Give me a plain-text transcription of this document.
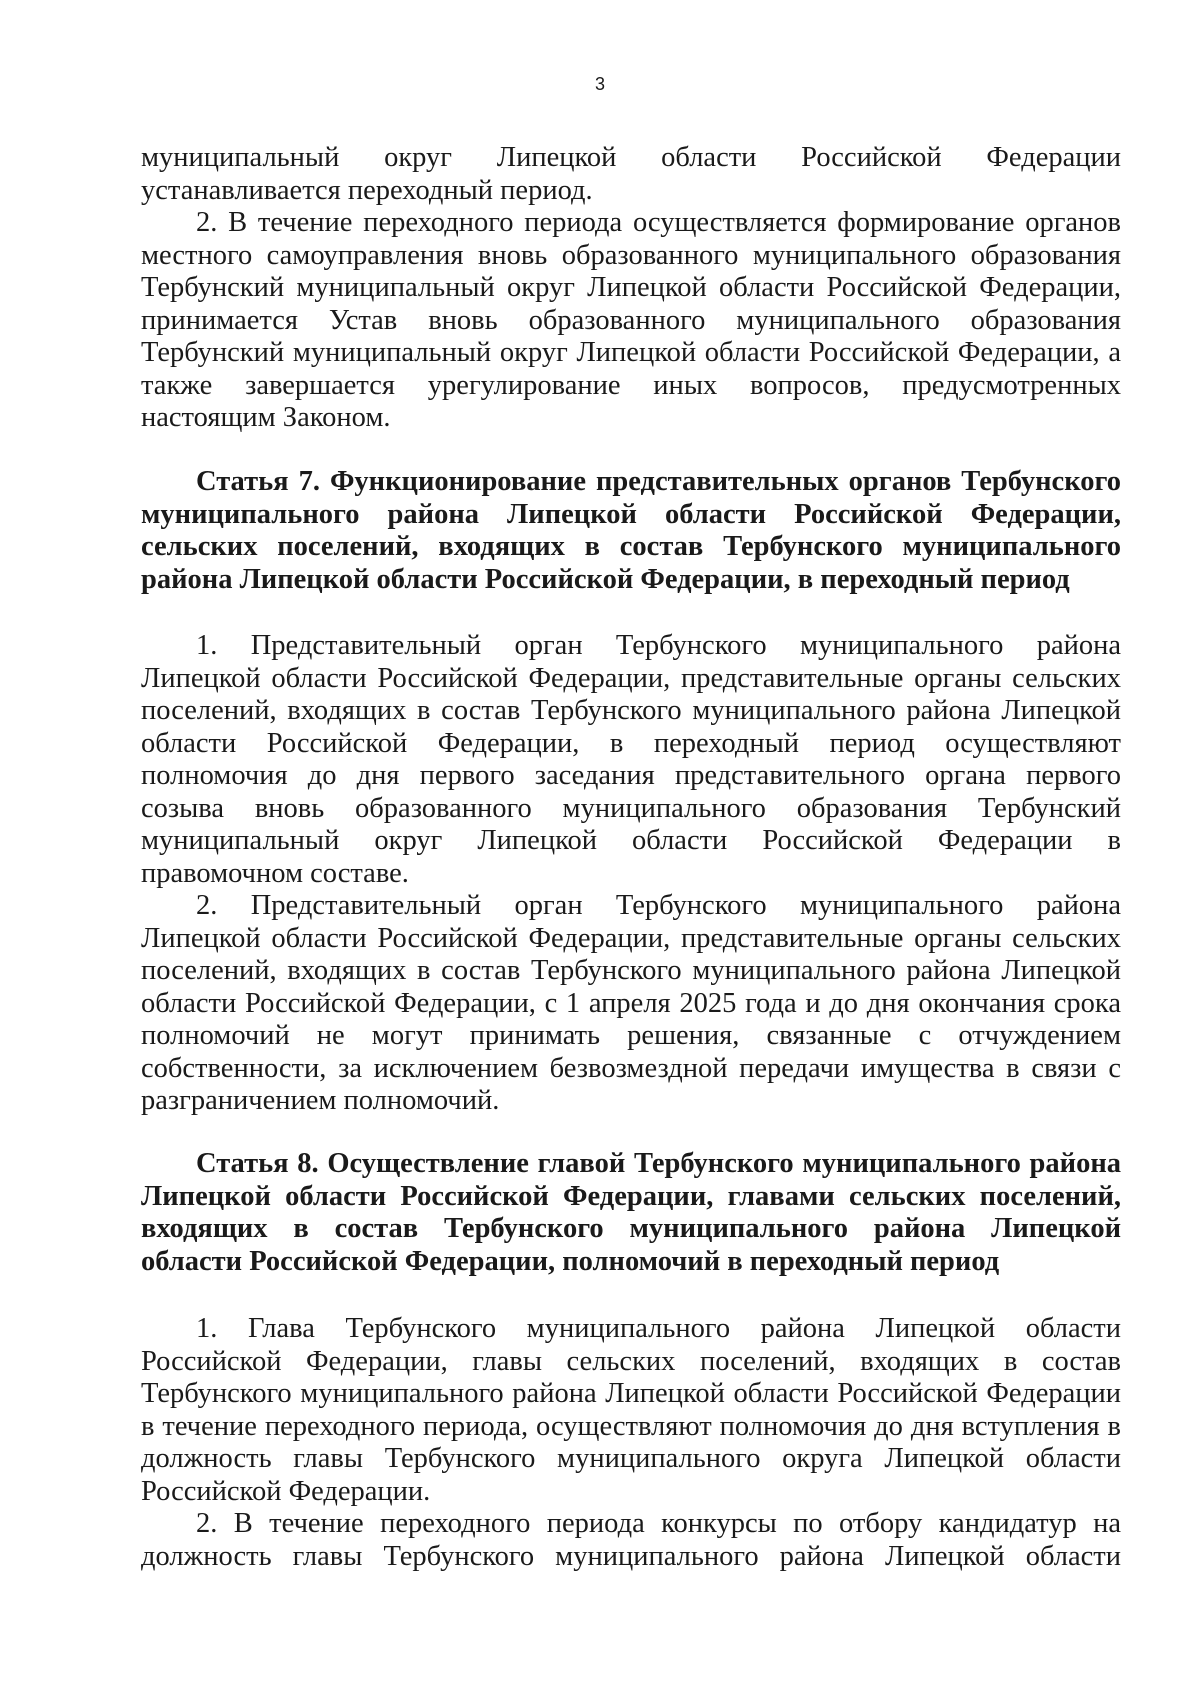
3
муниципальный округ Липецкой области Российской Федерации
устанавливается переходный период.
2. В течение переходного периода осуществляется формирование органов
местного самоуправления вновь образованного муниципального образования
Тербунский муниципальный округ Липецкой области Российской Федерации,
принимается Устав вновь образованного муниципального образования
Тербунский муниципальный округ Липецкой области Российской Федерации, а
также завершается урегулирование иных вопросов, предусмотренных
настоящим Законом.
Статья 7. Функционирование представительных органов Тербунского
муниципального района Липецкой области Российской Федерации,
сельских поселений, входящих в состав Тербунского муниципального
района Липецкой области Российской Федерации, в переходный период
1. Представительный орган Тербунского муниципального района
Липецкой области Российской Федерации, представительные органы сельских
поселений, входящих в состав Тербунского муниципального района Липецкой
области Российской Федерации, в переходный период осуществляют
полномочия до дня первого заседания представительного органа первого
созыва вновь образованного муниципального образования Тербунский
муниципальный округ Липецкой области Российской Федерации в
правомочном составе.
2. Представительный орган Тербунского муниципального района
Липецкой области Российской Федерации, представительные органы сельских
поселений, входящих в состав Тербунского муниципального района Липецкой
области Российской Федерации, с 1 апреля 2025 года и до дня окончания срока
полномочий не могут принимать решения, связанные с отчуждением
собственности, за исключением безвозмездной передачи имущества в связи с
разграничением полномочий.
Статья 8. Осуществление главой Тербунского муниципального района
Липецкой области Российской Федерации, главами сельских поселений,
входящих в состав Тербунского муниципального района Липецкой
области Российской Федерации, полномочий в переходный период
1. Глава Тербунского муниципального района Липецкой области
Российской Федерации, главы сельских поселений, входящих в состав
Тербунского муниципального района Липецкой области Российской Федерации
в течение переходного периода, осуществляют полномочия до дня вступления в
должность главы Тербунского муниципального округа Липецкой области
Российской Федерации.
2. В течение переходного периода конкурсы по отбору кандидатур на
должность главы Тербунского муниципального района Липецкой области
